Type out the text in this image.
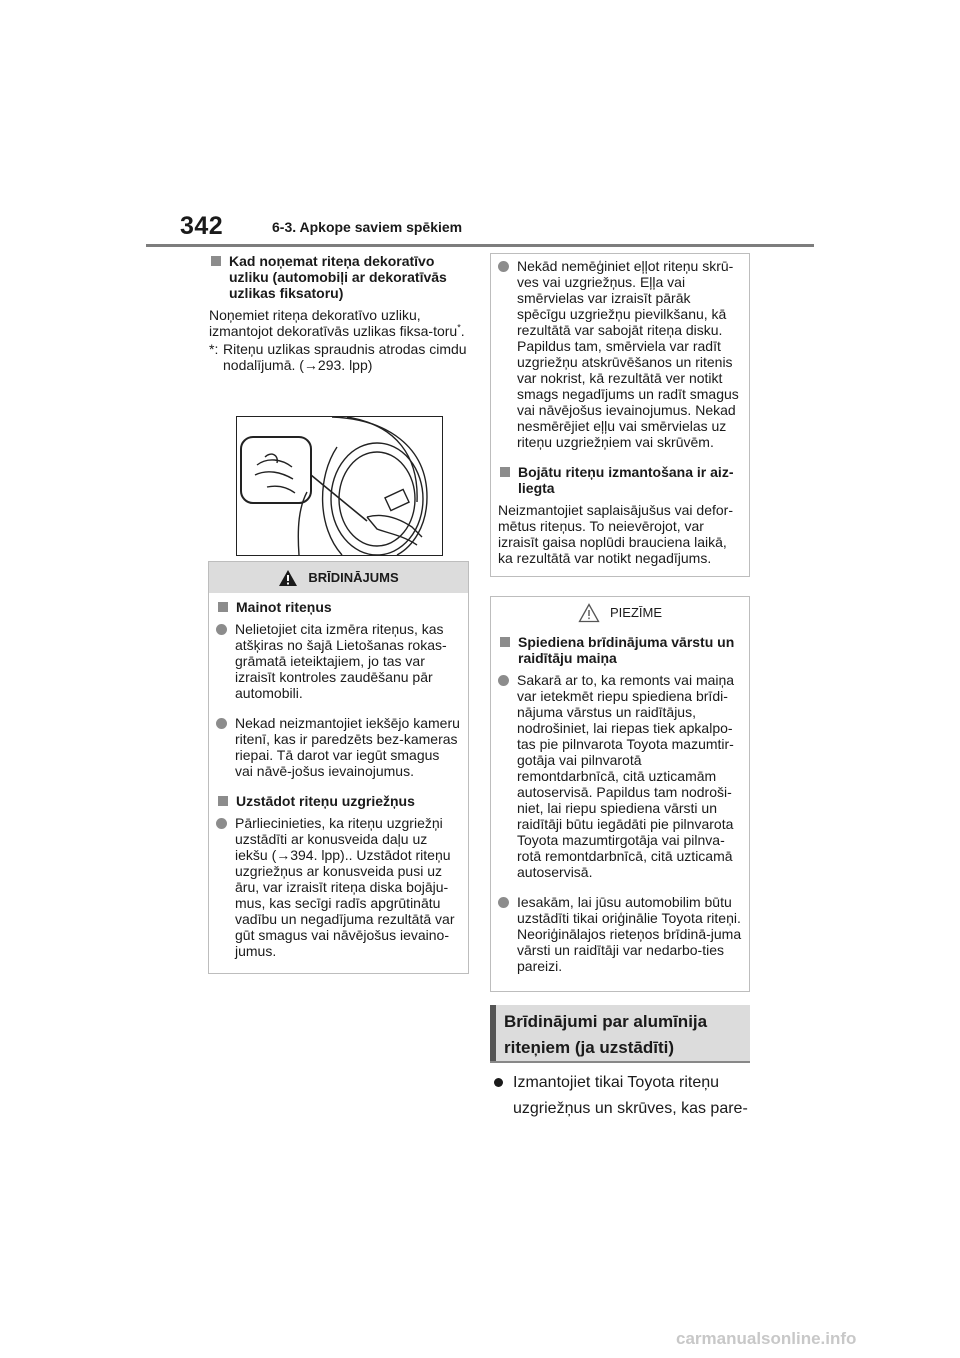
342	6-3. Apkope saviem spēkiem
Kad noņemat riteņa dekoratīvo uzliku (automobiļi ar dekoratīvās uzlikas fiksatoru)
Noņemiet riteņa dekoratīvo uzliku, izmantojot dekoratīvās uzlikas fiksa-toru*.
*: Riteņu uzlikas spraudnis atrodas cimdu nodalījumā. (→293. lpp)
BRĪDINĀJUMS
Mainot riteņus
Nelietojiet cita izmēra riteņus, kas atšķiras no šajā Lietošanas rokas-grāmatā ieteiktajiem, jo tas var izraisīt kontroles zaudēšanu pār automobili.
Nekad neizmantojiet iekšējo kameru ritenī, kas ir paredzēts bez-kameras riepai. Tā darot var iegūt smagus vai nāvē-jošus ievainojumus.
Uzstādot riteņu uzgriežņus
Pārliecinieties, ka riteņu uzgriežņi uzstādīti ar konusveida daļu uz iekšu (→394. lpp).. Uzstādot riteņu uzgriežņus ar konusveida pusi uz āru, var izraisīt riteņa diska bojāju-mus, kas secīgi radīs apgrūtinātu vadību un negadījuma rezultātā var gūt smagus vai nāvējošus ievaino-jumus.
Nekād nemēģiniet eļļot riteņu skrū-ves vai uzgriežņus. Eļļa vai smērvielas var izraisīt pārāk spēcīgu uzgriežņu pievilkšanu, kā rezultātā var sabojāt riteņa disku. Papildus tam, smērviela var radīt uzgriežņu atskrūvēšanos un ritenis var nokrist, kā rezultātā ver notikt smags negadījums un radīt smagus vai nāvējošus ievainojumus. Nekad nesmērējiet eļļu vai smērvielas uz riteņu uzgriežņiem vai skrūvēm.
Bojātu riteņu izmantošana ir aiz-liegta
Neizmantojiet saplaisājušus vai defor-mētus riteņus. To neievērojot, var izraisīt gaisa noplūdi brauciena laikā, ka rezultātā var notikt negadījums.
PIEZĪME
Spiediena brīdinājuma vārstu un raidītāju maiņa
Sakarā ar to, ka remonts vai maiņa var ietekmēt riepu spiediena brīdi-nājuma vārstus un raidītājus, nodrošiniet, lai riepas tiek apkalpo-tas pie pilnvarota Toyota mazumtir-gotāja vai pilnvarotā remontdarbnīcā, citā uzticamām autoservisā. Papildus tam nodroši-niet, lai riepu spiediena vārsti un raidītāji būtu iegādāti pie pilnvarota Toyota mazumtirgotāja vai pilnva-rotā remontdarbnīcā, citā uzticamā autoservisā.
Iesakām, lai jūsu automobilim būtu uzstādīti tikai oriģinālie Toyota riteņi. Neoriģinālajos rieteņos brīdinā-juma vārsti un raidītāji var nedarbo-ties pareizi.
Brīdinājumi par alumīnija
riteņiem (ja uzstādīti)
Izmantojiet tikai Toyota riteņu uzgriežņus un skrūves, kas pare-
carmanualsonline.info
